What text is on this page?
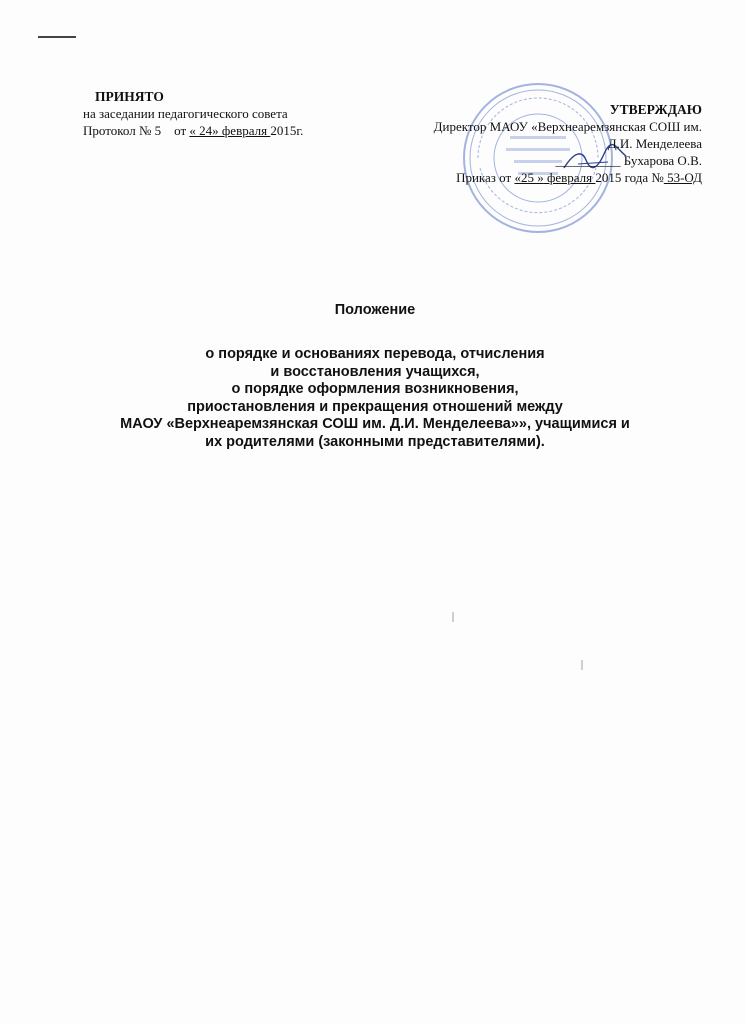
ПРИНЯТО
на заседании педагогического совета
Протокол № 5 от « 24» февраля 2015г.
УТВЕРЖДАЮ
Директор МАОУ «Верхнеаремзянская СОШ им.
Д.И. Менделеева
__________ Бухарова О.В.
Приказ от «25 » февраля 2015 года № 53-ОД
Положение
о порядке и основаниях перевода, отчисления
и восстановления учащихся,
о порядке оформления возникновения,
приостановления и прекращения отношений между
МАОУ «Верхнеаремзянская СОШ им. Д.И. Менделеева»», учащимися и
их родителями (законными представителями).
